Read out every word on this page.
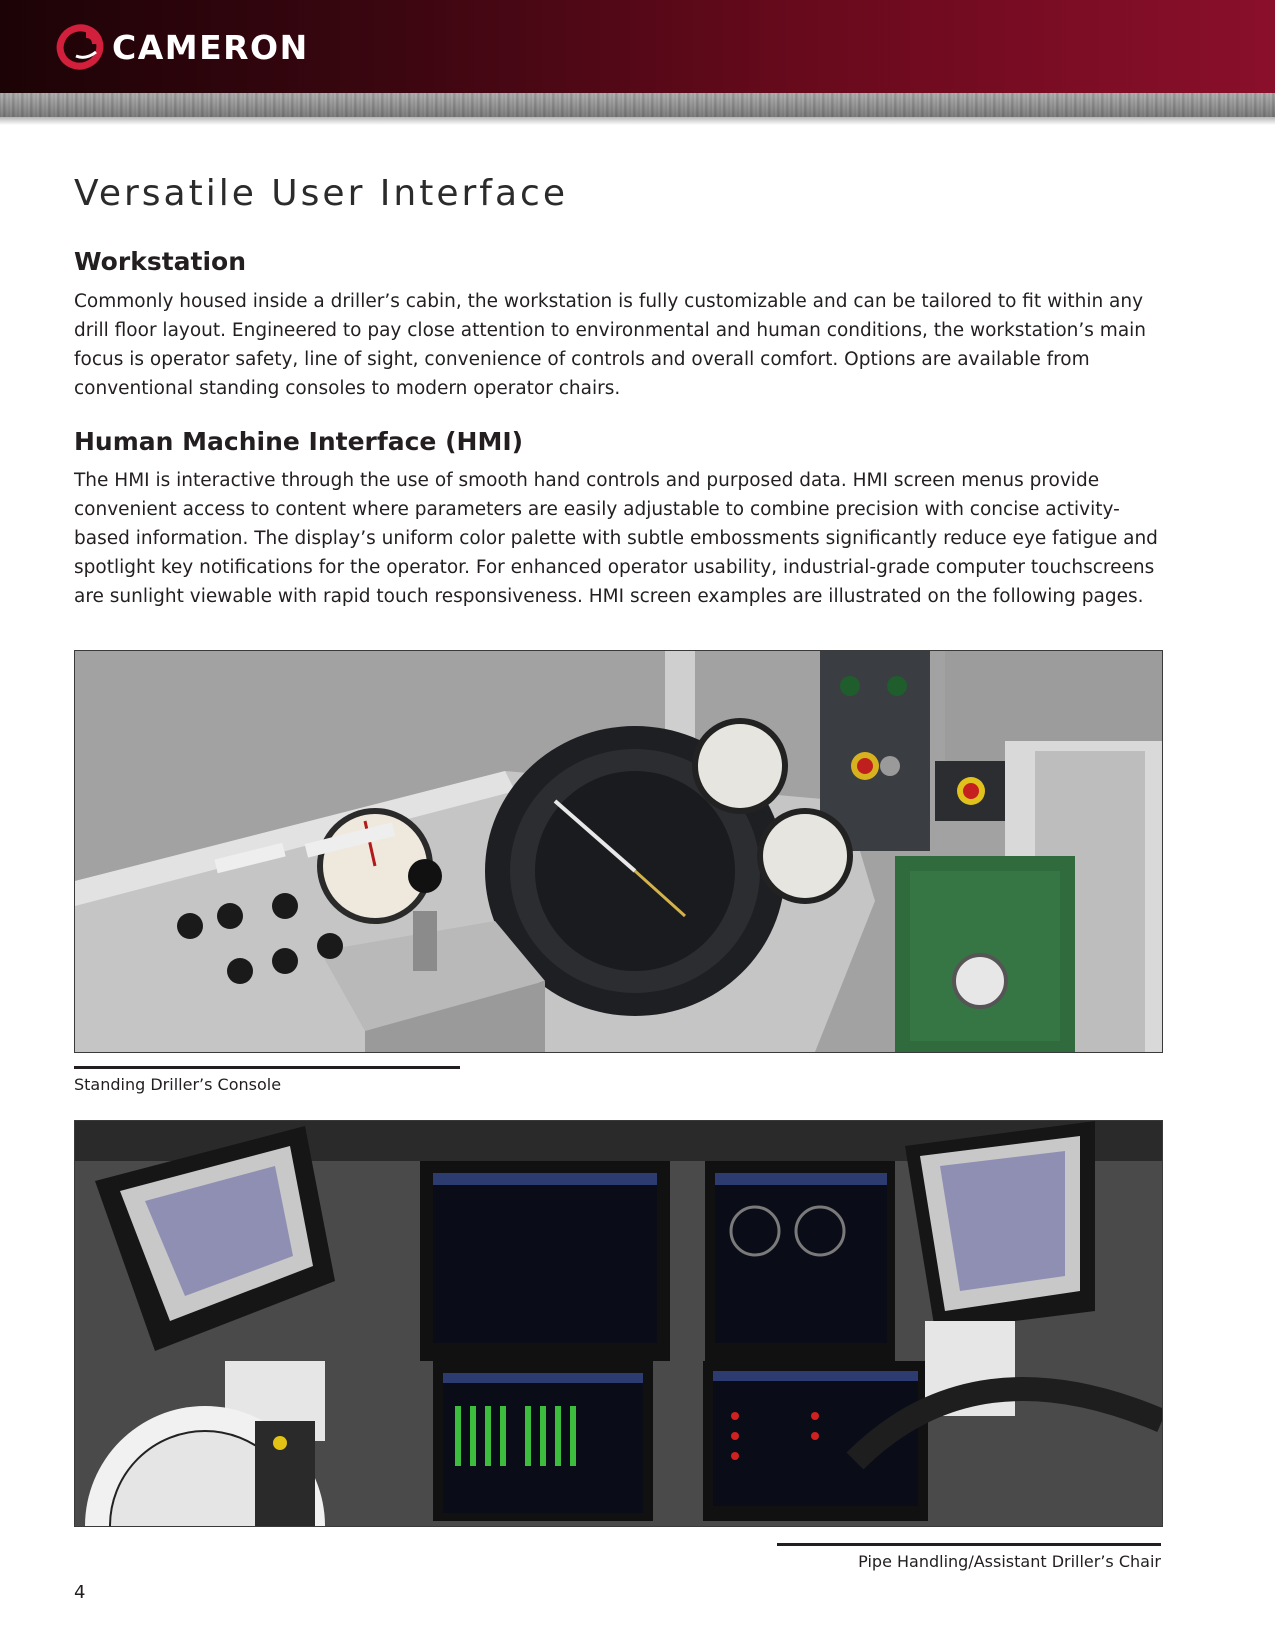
CAMERON
Versatile User Interface
Workstation

Commonly housed inside a driller’s cabin, the workstation is fully customizable and can be tailored to fit within any drill floor layout. Engineered to pay close attention to environmental and human conditions, the workstation’s main focus is operator safety, line of sight, convenience of controls and overall comfort. Options are available from conventional standing consoles to modern operator chairs.

Human Machine Interface (HMI)

The HMI is interactive through the use of smooth hand controls and purposed data. HMI screen menus provide convenient access to content where parameters are easily adjustable to combine precision with concise activity-based information. The display’s uniform color palette with subtle embossments significantly reduce eye fatigue and spotlight key notifications for the operator. For enhanced operator usability, industrial-grade computer touchscreens are sunlight viewable with rapid touch responsiveness. HMI screen examples are illustrated on the following pages.

Standing Driller’s Console
Pipe Handling/Assistant Driller’s Chair
4
